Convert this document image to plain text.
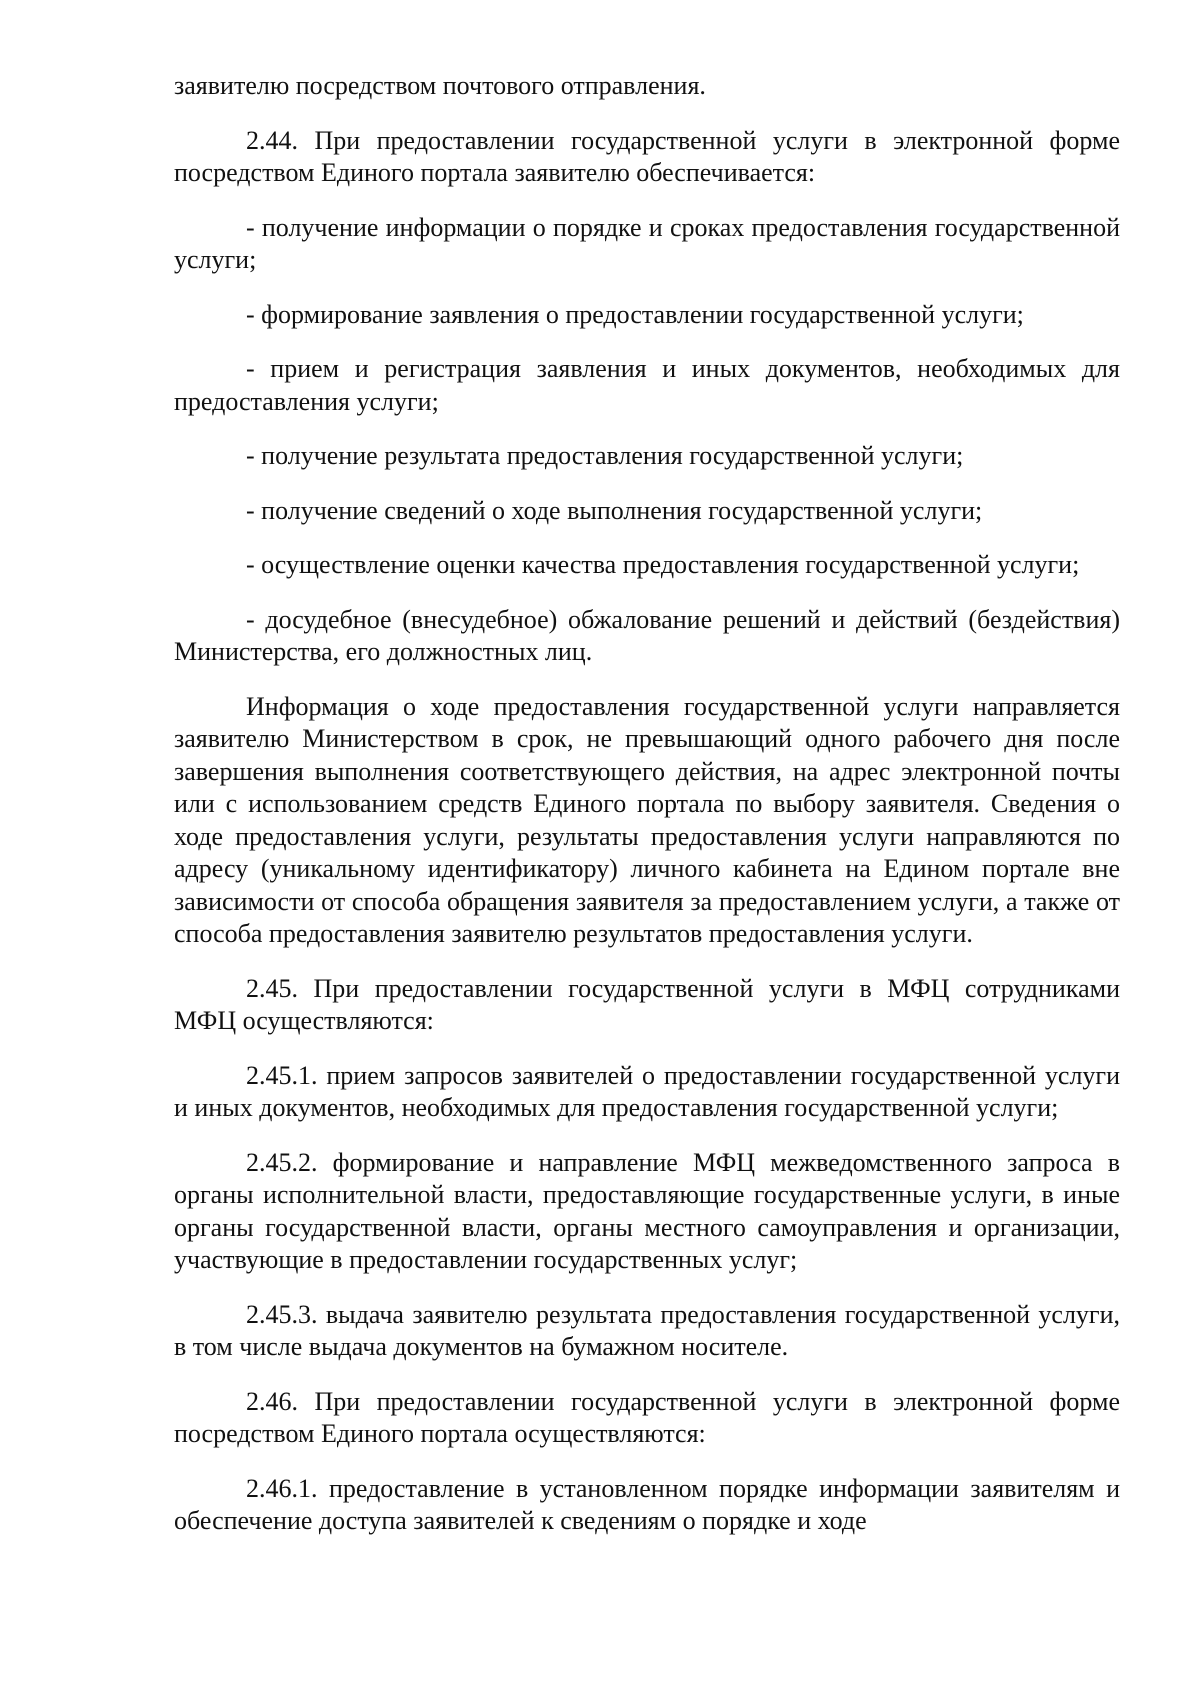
заявителю посредством почтового отправления.

2.44. При предоставлении государственной услуги в электронной форме посредством Единого портала заявителю обеспечивается:

- получение информации о порядке и сроках предоставления государственной услуги;

- формирование заявления о предоставлении государственной услуги;

- прием и регистрация заявления и иных документов, необходимых для предоставления услуги;

- получение результата предоставления государственной услуги;

- получение сведений о ходе выполнения государственной услуги;

- осуществление оценки качества предоставления государственной услуги;

- досудебное (внесудебное) обжалование решений и действий (бездействия) Министерства, его должностных лиц.

Информация о ходе предоставления государственной услуги направляется заявителю Министерством в срок, не превышающий одного рабочего дня после завершения выполнения соответствующего действия, на адрес электронной почты или с использованием средств Единого портала по выбору заявителя. Сведения о ходе предоставления услуги, результаты предоставления услуги направляются по адресу (уникальному идентификатору) личного кабинета на Едином портале вне зависимости от способа обращения заявителя за предоставлением услуги, а также от способа предоставления заявителю результатов предоставления услуги.

2.45. При предоставлении государственной услуги в МФЦ сотрудниками МФЦ осуществляются:

2.45.1. прием запросов заявителей о предоставлении государственной услуги и иных документов, необходимых для предоставления государственной услуги;

2.45.2. формирование и направление МФЦ межведомственного запроса в органы исполнительной власти, предоставляющие государственные услуги, в иные органы государственной власти, органы местного самоуправления и организации, участвующие в предоставлении государственных услуг;

2.45.3. выдача заявителю результата предоставления государственной услуги, в том числе выдача документов на бумажном носителе.

2.46. При предоставлении государственной услуги в электронной форме посредством Единого портала осуществляются:

2.46.1. предоставление в установленном порядке информации заявителям и обеспечение доступа заявителей к сведениям о порядке и ходе
